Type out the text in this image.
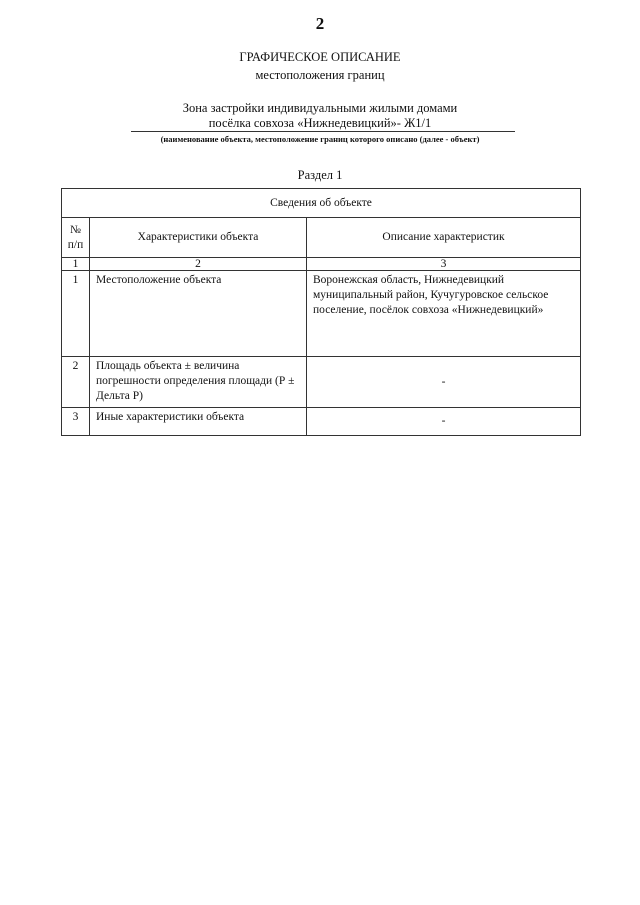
2
ГРАФИЧЕСКОЕ ОПИСАНИЕ
местоположения границ
Зона застройки индивидуальными жилыми домами
посёлка совхоза «Нижнедевицкий»- Ж1/1
(наименование объекта, местоположение границ которого описано (далее - объект)
Раздел 1
Сведения об объекте		
№ п/п	Характеристики объекта	Описание характеристик
1	2	3
1	Местоположение объекта	Воронежская область, Нижнедевицкий муниципальный район, Кучугуровское сельское поселение, посёлок совхоза «Нижнедевицкий»
2	Площадь объекта ± величина погрешности определения площади (Р ± Дельта Р)	-
3	Иные характеристики объекта	-
